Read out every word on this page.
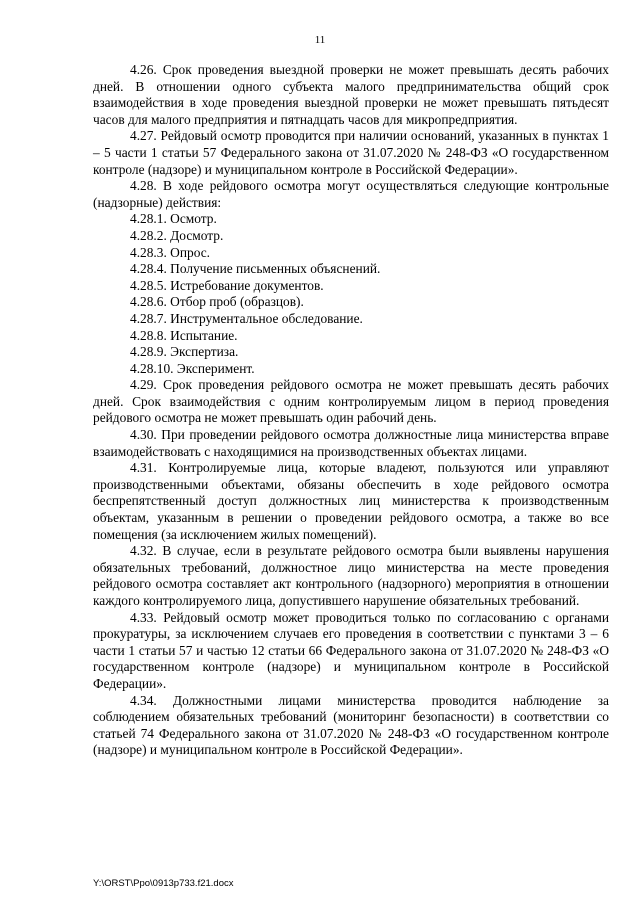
11

4.26. Срок проведения выездной проверки не может превышать десять рабочих дней. В отношении одного субъекта малого предпринимательства общий срок взаимодействия в ходе проведения выездной проверки не может превышать пятьдесят часов для малого предприятия и пятнадцать часов для микропредприятия.

4.27. Рейдовый осмотр проводится при наличии оснований, указанных в пунктах 1 – 5 части 1 статьи 57 Федерального закона от 31.07.2020 № 248-ФЗ «О государственном контроле (надзоре) и муниципальном контроле в Российской Федерации».

4.28. В ходе рейдового осмотра могут осуществляться следующие контрольные (надзорные) действия:

4.28.1. Осмотр.

4.28.2. Досмотр.

4.28.3. Опрос.

4.28.4. Получение письменных объяснений.

4.28.5. Истребование документов.

4.28.6. Отбор проб (образцов).

4.28.7. Инструментальное обследование.

4.28.8. Испытание.

4.28.9. Экспертиза.

4.28.10. Эксперимент.

4.29. Срок проведения рейдового осмотра не может превышать десять рабочих дней. Срок взаимодействия с одним контролируемым лицом в период проведения рейдового осмотра не может превышать один рабочий день.

4.30. При проведении рейдового осмотра должностные лица министерства вправе взаимодействовать с находящимися на производственных объектах лицами.

4.31. Контролируемые лица, которые владеют, пользуются или управляют производственными объектами, обязаны обеспечить в ходе рейдового осмотра беспрепятственный доступ должностных лиц министерства к производственным объектам, указанным в решении о проведении рейдового осмотра, а также во все помещения (за исключением жилых помещений).

4.32. В случае, если в результате рейдового осмотра были выявлены нарушения обязательных требований, должностное лицо министерства на месте проведения рейдового осмотра составляет акт контрольного (надзорного) мероприятия в отношении каждого контролируемого лица, допустившего нарушение обязательных требований.

4.33. Рейдовый осмотр может проводиться только по согласованию с органами прокуратуры, за исключением случаев его проведения в соответствии с пунктами 3 – 6 части 1 статьи 57 и частью 12 статьи 66 Федерального закона от 31.07.2020 № 248-ФЗ «О государственном контроле (надзоре) и муниципальном контроле в Российской Федерации».

4.34. Должностными лицами министерства проводится наблюдение за соблюдением обязательных требований (мониторинг безопасности) в соответствии со статьей 74 Федерального закона от 31.07.2020 № 248-ФЗ «О государственном контроле (надзоре) и муниципальном контроле в Российской Федерации».

Y:\ORST\Ppo\0913p733.f21.docx
